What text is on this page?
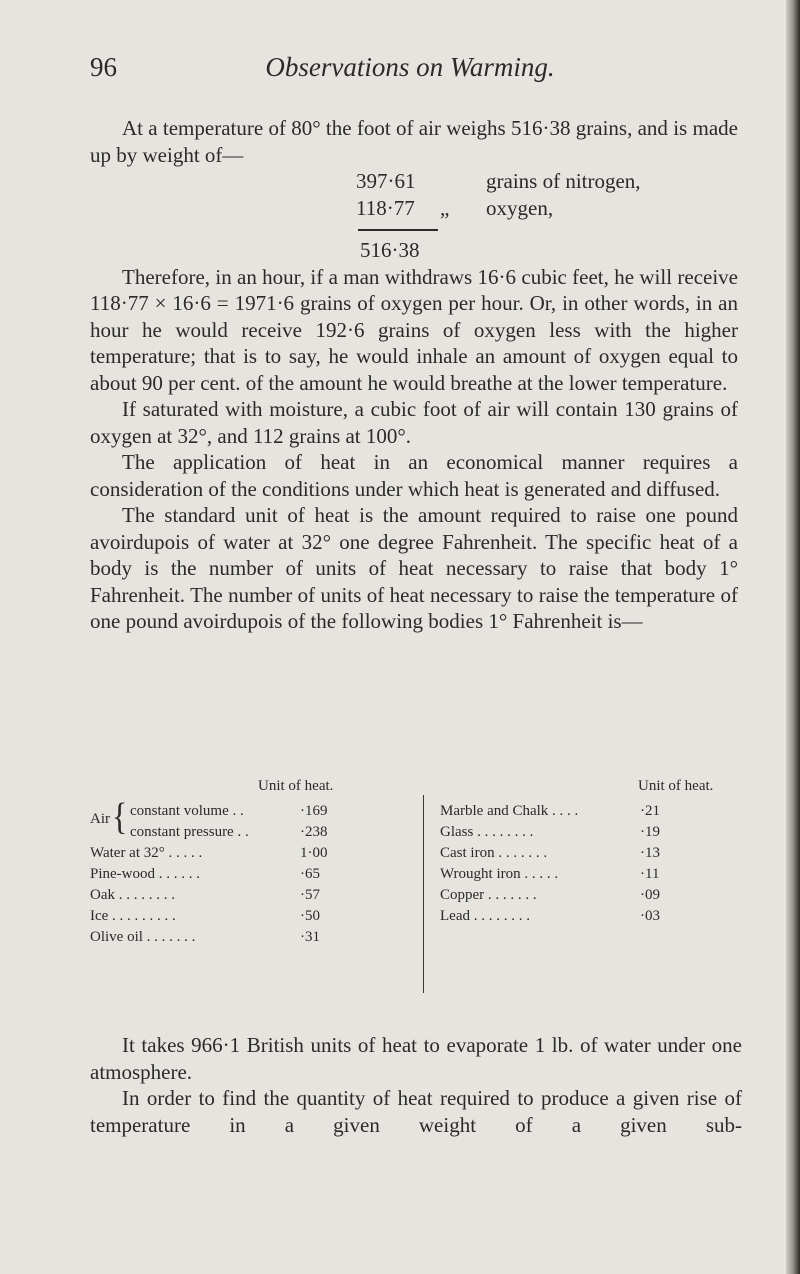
96	Observations on Warming.

At a temperature of 80° the foot of air weighs 516·38 grains, and is made up by weight of—

397·61	grains of nitrogen,
118·77	„	oxygen,
516·38

Therefore, in an hour, if a man withdraws 16·6 cubic feet, he will receive 118·77 × 16·6 = 1971·6 grains of oxygen per hour. Or, in other words, in an hour he would receive 192·6 grains of oxygen less with the higher temperature; that is to say, he would inhale an amount of oxygen equal to about 90 per cent. of the amount he would breathe at the lower temperature.

If saturated with moisture, a cubic foot of air will contain 130 grains of oxygen at 32°, and 112 grains at 100°.

The application of heat in an economical manner requires a consideration of the conditions under which heat is generated and diffused.

The standard unit of heat is the amount required to raise one pound avoirdupois of water at 32° one degree Fahrenheit. The specific heat of a body is the number of units of heat necessary to raise that body 1° Fahrenheit. The number of units of heat necessary to raise the temperature of one pound avoirdupois of the following bodies 1° Fahrenheit is—

Unit of heat.	Unit of heat.
Air { constant volume . .	·169
constant pressure . .	·238
Water at 32° . . . . .	1·00
Pine-wood . . . . . .	·65
Oak . . . . . . . .	·57
Ice . . . . . . . . .	·50
Olive oil . . . . . . .	·31
Marble and Chalk . . . .	·21
Glass . . . . . . . .	·19
Cast iron . . . . . . .	·13
Wrought iron . . . . .	·11
Copper . . . . . . .	·09
Lead . . . . . . . .	·03

It takes 966·1 British units of heat to evaporate 1 lb. of water under one atmosphere.

In order to find the quantity of heat required to produce a given rise of temperature in a given weight of a given sub-
